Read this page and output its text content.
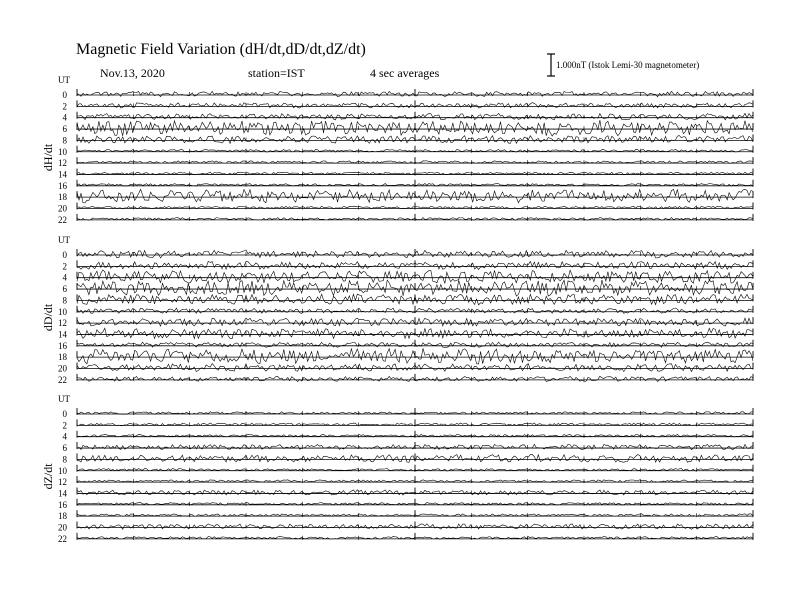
Magnetic Field Variation (dH/dt,dD/dt,dZ/dt)
Nov.13, 2020	station=IST	4 sec averages
1.000nT (Istok Lemi-30 magnetometer)
UT
dH/dt
0
2
4
6
8
10
12
14
16
18
20
22
UT
dD/dt
0
2
4
6
8
10
12
14
16
18
20
22
UT
dZ/dt
0
2
4
6
8
10
12
14
16
18
20
22
